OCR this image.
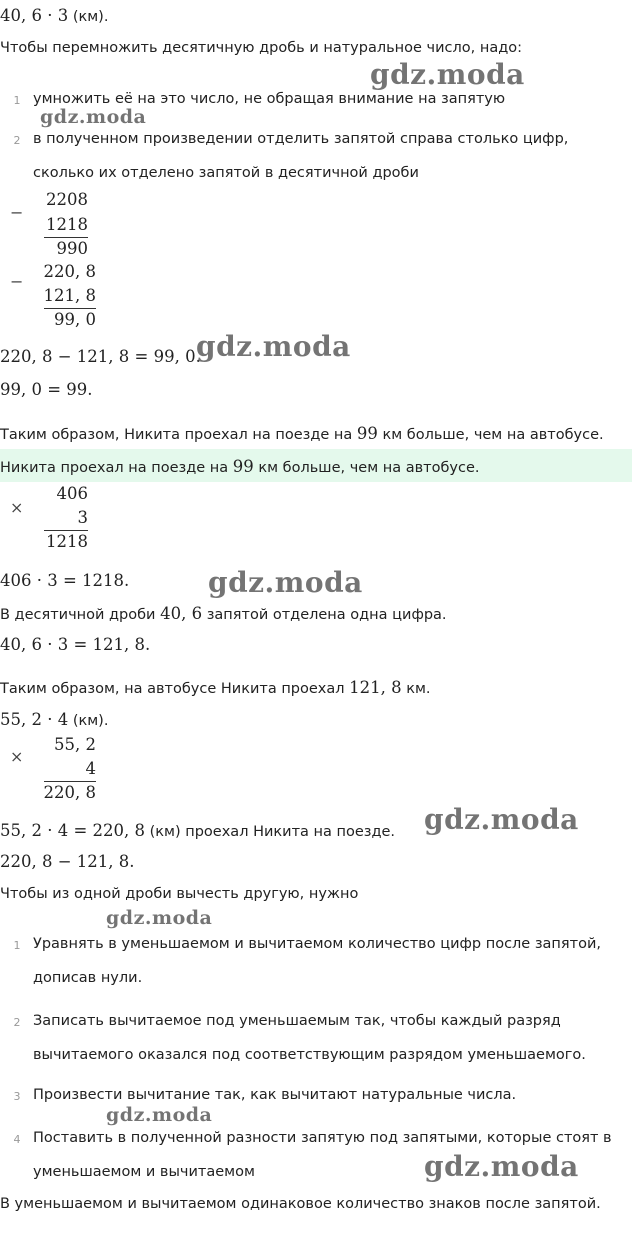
40, 6 · 3 (км).
Чтобы перемножить десятичную дробь и натуральное число, надо:
1 умножить её на это число, не обращая внимание на запятую
2 в полученном произведении отделить запятой справа столько цифр,
сколько их отделено запятой в десятичной дроби
−
2208
1218
990
−
220, 8
121, 8
99, 0
220, 8 − 121, 8 = 99, 0.
99, 0 = 99.
Таким образом, Никита проехал на поезде на 99 км больше, чем на автобусе.
Никита проехал на поезде на 99 км больше, чем на автобусе.
×
406
3
1218
406 · 3 = 1218.
В десятичной дроби 40, 6 запятой отделена одна цифра.
40, 6 · 3 = 121, 8.
Таким образом, на автобусе Никита проехал 121, 8 км.
55, 2 · 4 (км).
×
55, 2
4
220, 8
55, 2 · 4 = 220, 8 (км) проехал Никита на поезде.
220, 8 − 121, 8.
Чтобы из одной дроби вычесть другую, нужно
1 Уравнять в уменьшаемом и вычитаемом количество цифр после запятой,
дописав нули.
2 Записать вычитаемое под уменьшаемым так, чтобы каждый разряд
вычитаемого оказался под соответствующим разрядом уменьшаемого.
3 Произвести вычитание так, как вычитают натуральные числа.
4 Поставить в полученной разности запятую под запятыми, которые стоят в
уменьшаемом и вычитаемом
В уменьшаемом и вычитаемом одинаковое количество знаков после запятой.
gdz.moda
gdz.moda
gdz.moda
gdz.moda
gdz.moda
gdz.moda
gdz.moda
gdz.moda
